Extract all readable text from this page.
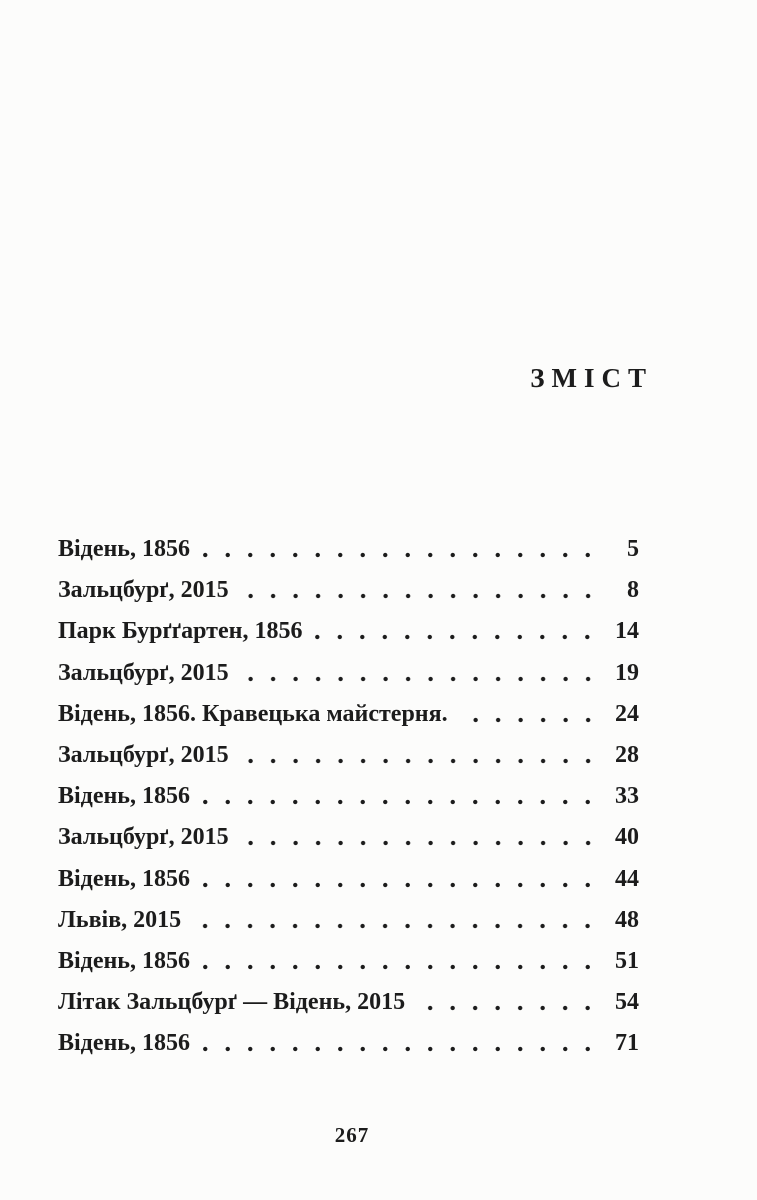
ЗМІСТ
Відень, 1856	5
Зальцбурґ, 2015	8
Парк Бурґґартен, 1856	14
Зальцбурґ, 2015	19
Відень, 1856. Кравецька майстерня.	24
Зальцбурґ, 2015	28
Відень, 1856	33
Зальцбурґ, 2015	40
Відень, 1856	44
Львів, 2015	48
Відень, 1856	51
Літак Зальцбурґ — Відень, 2015	54
Відень, 1856	71
267
